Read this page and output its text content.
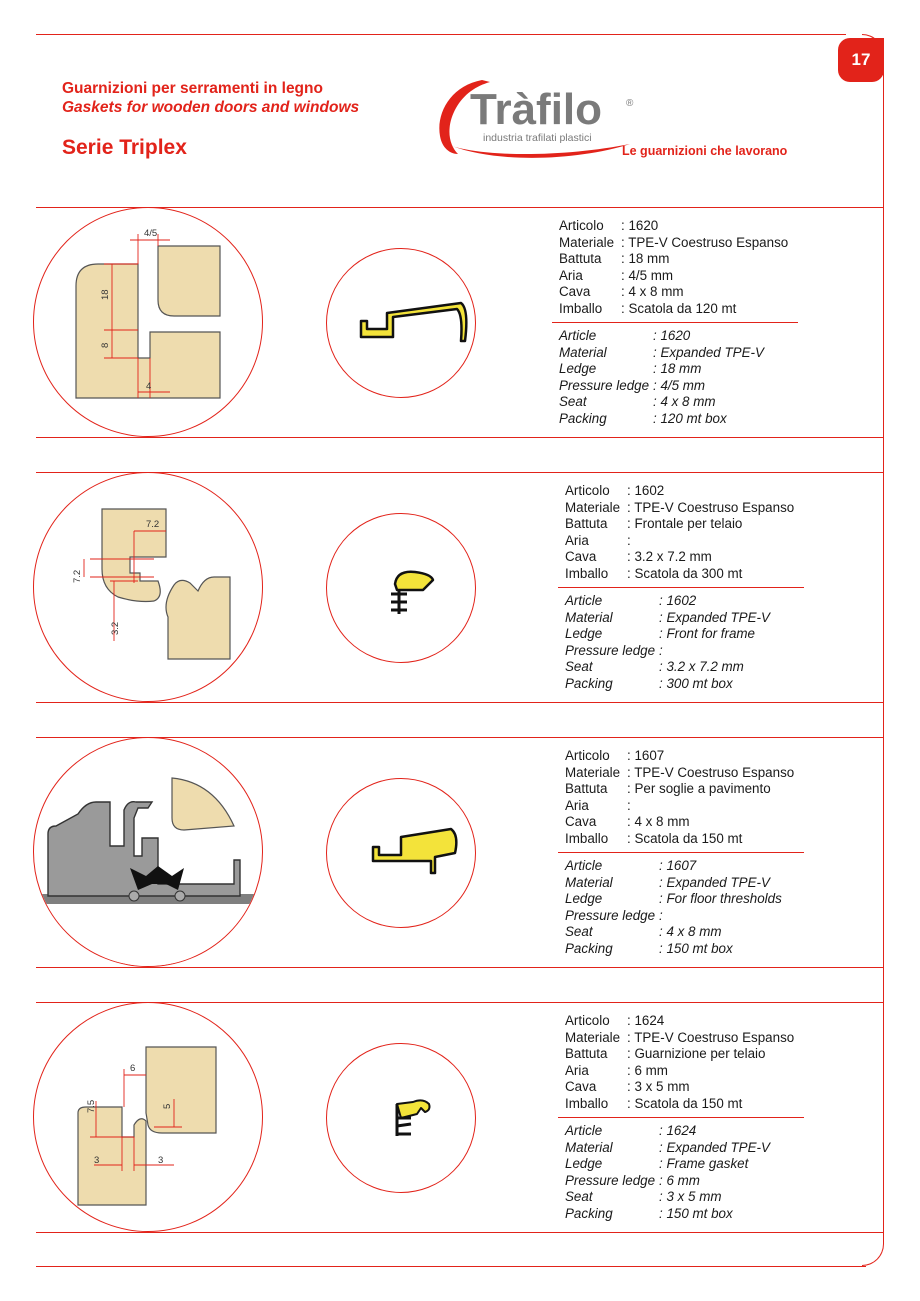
17
Guarnizioni per serramenti in legno
Gaskets for wooden doors and windows
Serie Triplex
Tràfilo ®
industria trafilati plastici
Le guarnizioni che lavorano
4/5
18
8
4
Articolo	: 1620
Materiale : TPE-V Coestruso Espanso
Battuta	: 18 mm
Aria	: 4/5 mm
Cava	: 4 x 8 mm
Imballo	: Scatola da 120 mt
Article	: 1620
Material	: Expanded TPE-V
Ledge	: 18 mm
Pressure ledge : 4/5 mm
Seat	: 4 x 8 mm
Packing	: 120 mt box
7.2
7.2
3.2
Articolo	: 1602
Materiale : TPE-V Coestruso Espanso
Battuta	: Frontale per telaio
Aria	:
Cava	: 3.2 x 7.2 mm
Imballo	: Scatola da 300 mt
Article	: 1602
Material	: Expanded TPE-V
Ledge	: Front for frame
Pressure ledge :
Seat	: 3.2 x 7.2 mm
Packing	: 300 mt box
Articolo	: 1607
Materiale : TPE-V Coestruso Espanso
Battuta	: Per soglie a pavimento
Aria	:
Cava	: 4 x 8 mm
Imballo	: Scatola da 150 mt
Article	: 1607
Material	: Expanded TPE-V
Ledge	: For floor thresholds
Pressure ledge :
Seat	: 4 x 8 mm
Packing	: 150 mt box
6
7.5	5
3	3
Articolo	: 1624
Materiale : TPE-V Coestruso Espanso
Battuta	: Guarnizione per telaio
Aria	: 6 mm
Cava	: 3 x 5 mm
Imballo	: Scatola da 150 mt
Article	: 1624
Material	: Expanded TPE-V
Ledge	: Frame gasket
Pressure ledge : 6 mm
Seat	: 3 x 5 mm
Packing	: 150 mt box
